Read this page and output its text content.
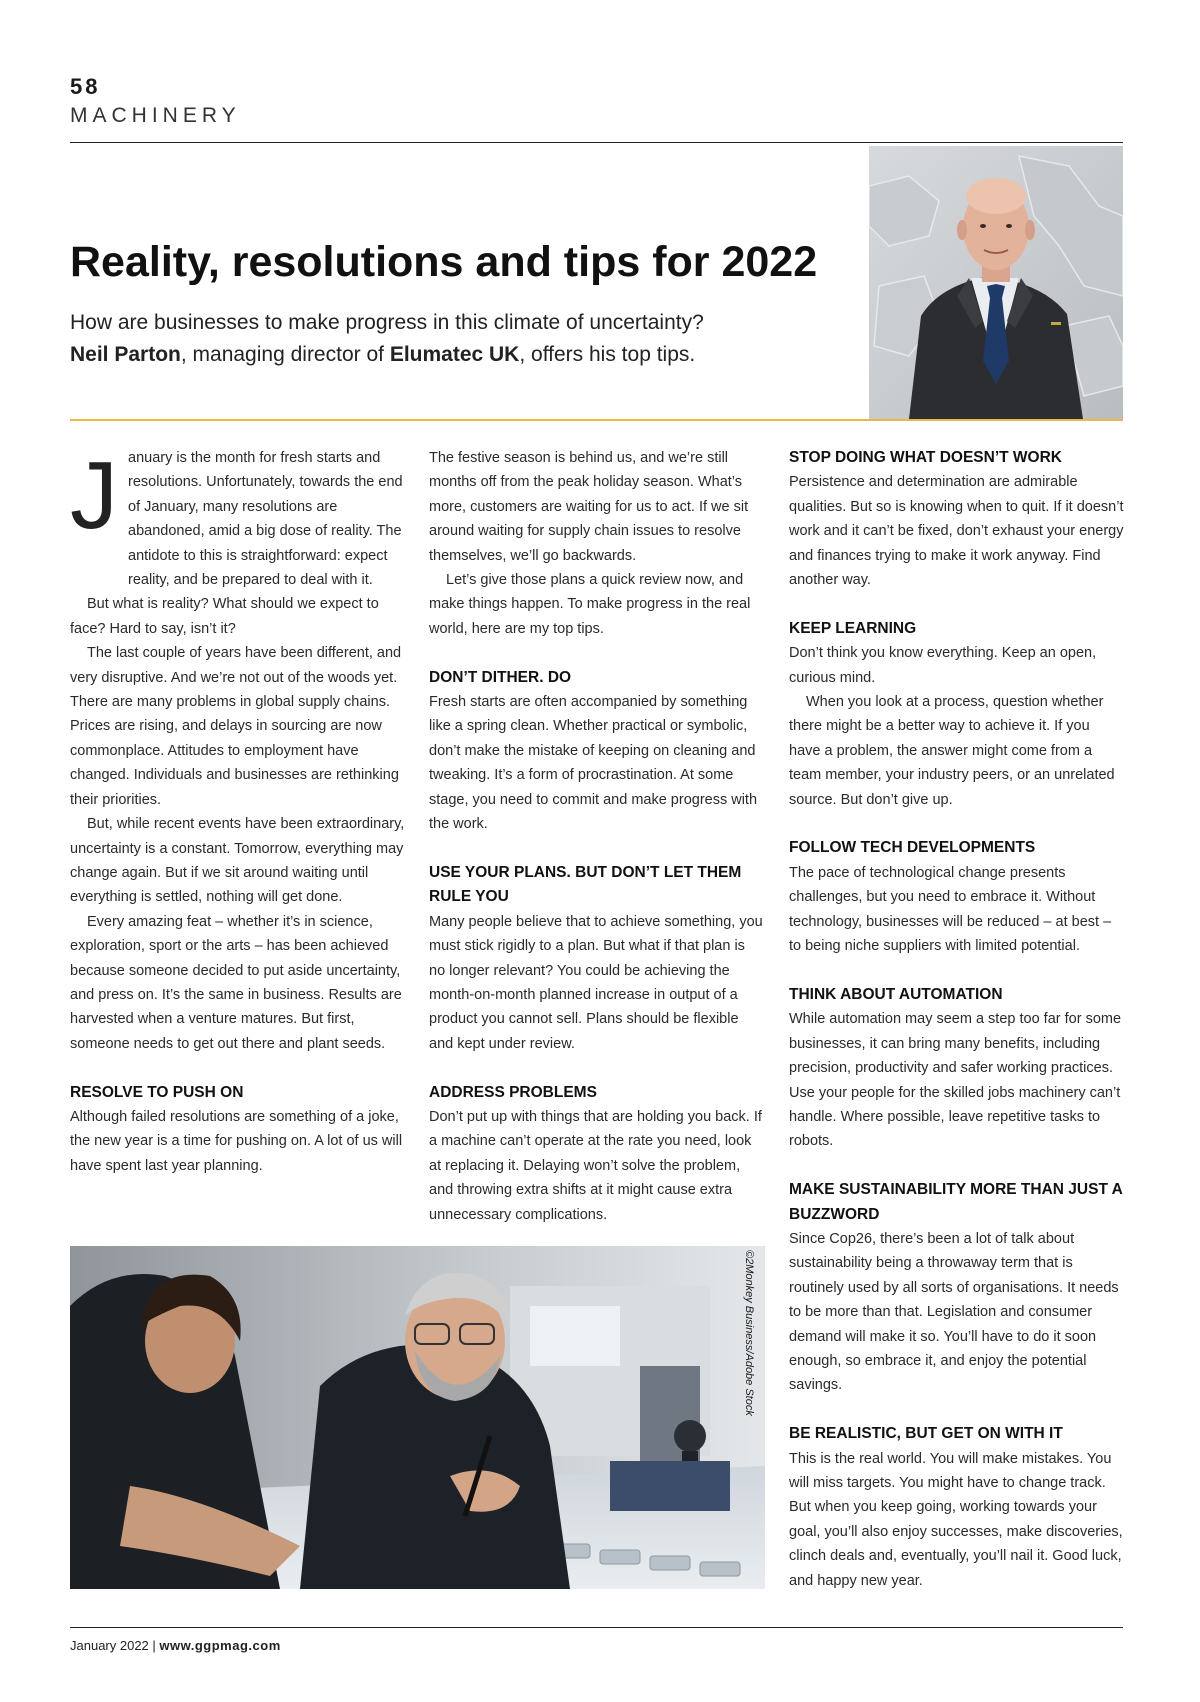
58
MACHINERY
Reality, resolutions and tips for 2022
How are businesses to make progress in this climate of uncertainty?
Neil Parton, managing director of Elumatec UK, offers his top tips.
J anuary is the month for fresh starts and resolutions. Unfortunately, towards the end of January, many resolutions are abandoned, amid a big dose of reality. The antidote to this is straightforward: expect reality, and be prepared to deal with it.

But what is reality? What should we expect to face? Hard to say, isn’t it?

The last couple of years have been different, and very disruptive. And we’re not out of the woods yet. There are many problems in global supply chains. Prices are rising, and delays in sourcing are now commonplace. Attitudes to employment have changed. Individuals and businesses are rethinking their priorities.

But, while recent events have been extraordinary, uncertainty is a constant. Tomorrow, everything may change again. But if we sit around waiting until everything is settled, nothing will get done.

Every amazing feat – whether it’s in science, exploration, sport or the arts – has been achieved because someone decided to put aside uncertainty, and press on. It’s the same in business. Results are harvested when a venture matures. But first, someone needs to get out there and plant seeds.

RESOLVE TO PUSH ON

Although failed resolutions are something of a joke, the new year is a time for pushing on. A lot of us will have spent last year planning.

The festive season is behind us, and we’re still months off from the peak holiday season. What’s more, customers are waiting for us to act. If we sit around waiting for supply chain issues to resolve themselves, we’ll go backwards.

Let’s give those plans a quick review now, and make things happen. To make progress in the real world, here are my top tips.

DON’T DITHER. DO

Fresh starts are often accompanied by something like a spring clean. Whether practical or symbolic, don’t make the mistake of keeping on cleaning and tweaking. It’s a form of procrastination. At some stage, you need to commit and make progress with the work.

USE YOUR PLANS. BUT DON’T LET THEM RULE YOU

Many people believe that to achieve something, you must stick rigidly to a plan. But what if that plan is no longer relevant? You could be achieving the month-on-month planned increase in output of a product you cannot sell. Plans should be flexible and kept under review.

ADDRESS PROBLEMS

Don’t put up with things that are holding you back. If a machine can’t operate at the rate you need, look at replacing it. Delaying won’t solve the problem, and throwing extra shifts at it might cause extra unnecessary complications.

STOP DOING WHAT DOESN’T WORK

Persistence and determination are admirable qualities. But so is knowing when to quit. If it doesn’t work and it can’t be fixed, don’t exhaust your energy and finances trying to make it work anyway. Find another way.

KEEP LEARNING

Don’t think you know everything. Keep an open, curious mind.

When you look at a process, question whether there might be a better way to achieve it. If you have a problem, the answer might come from a team member, your industry peers, or an unrelated source. But don’t give up.

FOLLOW TECH DEVELOPMENTS

The pace of technological change presents challenges, but you need to embrace it. Without technology, businesses will be reduced – at best – to being niche suppliers with limited potential.

THINK ABOUT AUTOMATION

While automation may seem a step too far for some businesses, it can bring many benefits, including precision, productivity and safer working practices. Use your people for the skilled jobs machinery can’t handle. Where possible, leave repetitive tasks to robots.

MAKE SUSTAINABILITY MORE THAN JUST A BUZZWORD

Since Cop26, there’s been a lot of talk about sustainability being a throwaway term that is routinely used by all sorts of organisations. It needs to be more than that. Legislation and consumer demand will make it so. You’ll have to do it soon enough, so embrace it, and enjoy the potential savings.

BE REALISTIC, BUT GET ON WITH IT

This is the real world. You will make mistakes. You will miss targets. You might have to change track. But when you keep going, working towards your goal, you’ll also enjoy successes, make discoveries, clinch deals and, eventually, you’ll nail it. Good luck, and happy new year.

©2Monkey Business/Adobe Stock
January 2022 | www.ggpmag.com
